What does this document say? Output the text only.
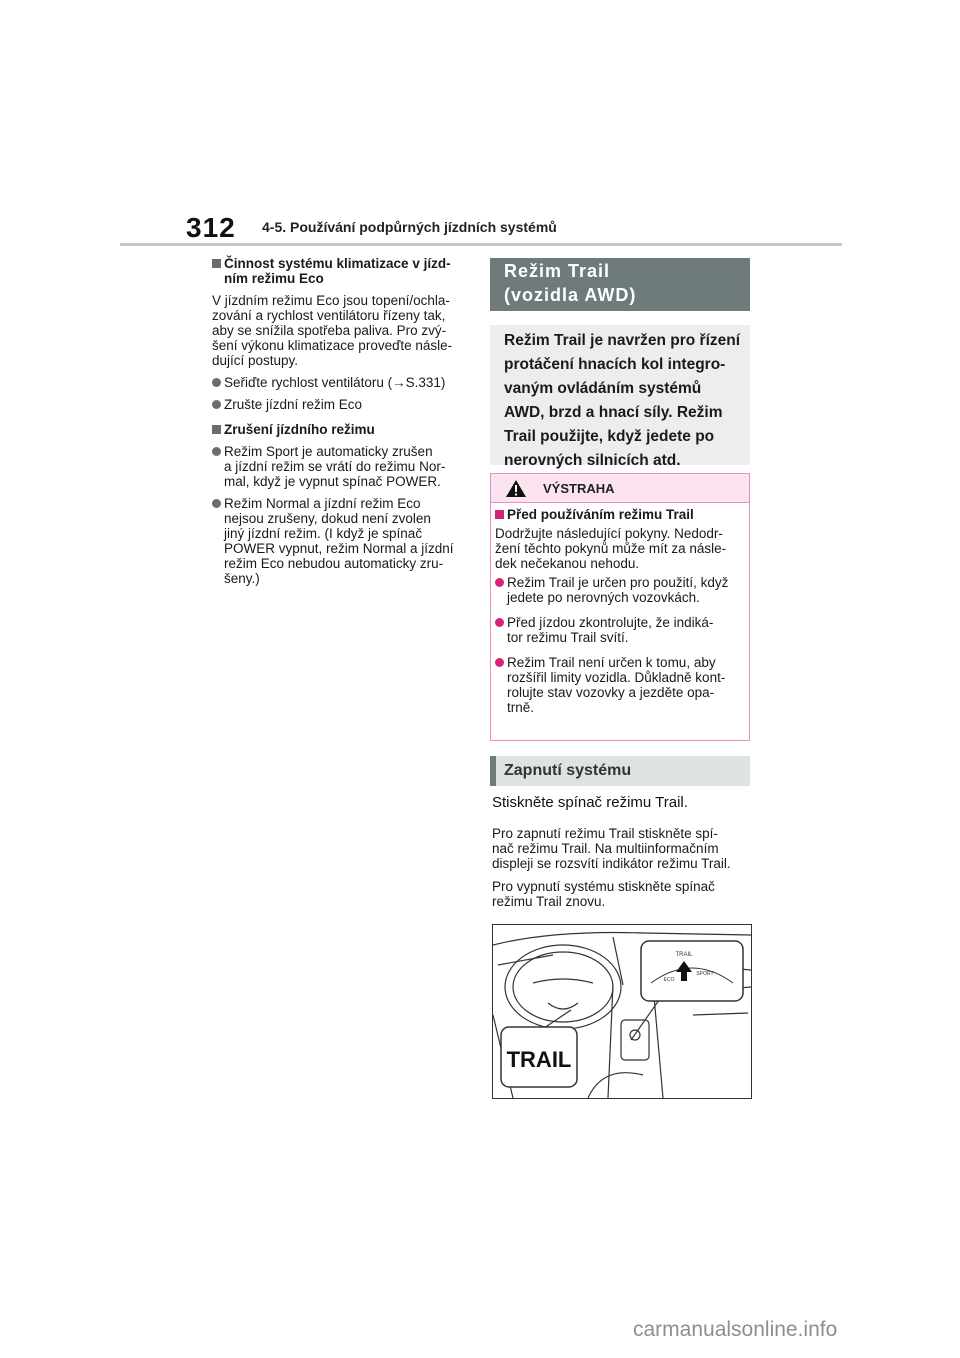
312 4-5. Používání podpůrných jízdních systémů
Činnost systému klimatizace v jízd-
ním režimu Eco
V jízdním režimu Eco jsou topení/ochla-
zování a rychlost ventilátoru řízeny tak,
aby se snížila spotřeba paliva. Pro zvý-
šení výkonu klimatizace proveďte násle-
dující postupy.
Seřiďte rychlost ventilátoru (→S.331)
Zrušte jízdní režim Eco
Zrušení jízdního režimu
Režim Sport je automaticky zrušen
a jízdní režim se vrátí do režimu Nor-
mal, když je vypnut spínač POWER.
Režim Normal a jízdní režim Eco
nejsou zrušeny, dokud není zvolen
jiný jízdní režim. (I když je spínač
POWER vypnut, režim Normal a jízdní
režim Eco nebudou automaticky zru-
šeny.)
Režim Trail
(vozidla AWD)
Režim Trail je navržen pro řízení
protáčení hnacích kol integro-
vaným ovládáním systémů
AWD, brzd a hnací síly. Režim
Trail použijte, když jedete po
nerovných silnicích atd.
VÝSTRAHA
Před používáním režimu Trail
Dodržujte následující pokyny. Nedodr-
žení těchto pokynů může mít za násle-
dek nečekanou nehodu.
Režim Trail je určen pro použití, když
jedete po nerovných vozovkách.
Před jízdou zkontrolujte, že indiká-
tor režimu Trail svítí.
Režim Trail není určen k tomu, aby
rozšířil limity vozidla. Důkladně kont-
rolujte stav vozovky a jezděte opa-
trně.
Zapnutí systému
Stiskněte spínač režimu Trail.
Pro zapnutí režimu Trail stiskněte spí-
nač režimu Trail. Na multiinformačním
displeji se rozsvítí indikátor režimu Trail.
Pro vypnutí systému stiskněte spínač
režimu Trail znovu.
TRAIL
ECO
SPORT
TRAIL
carmanualsonline.info
